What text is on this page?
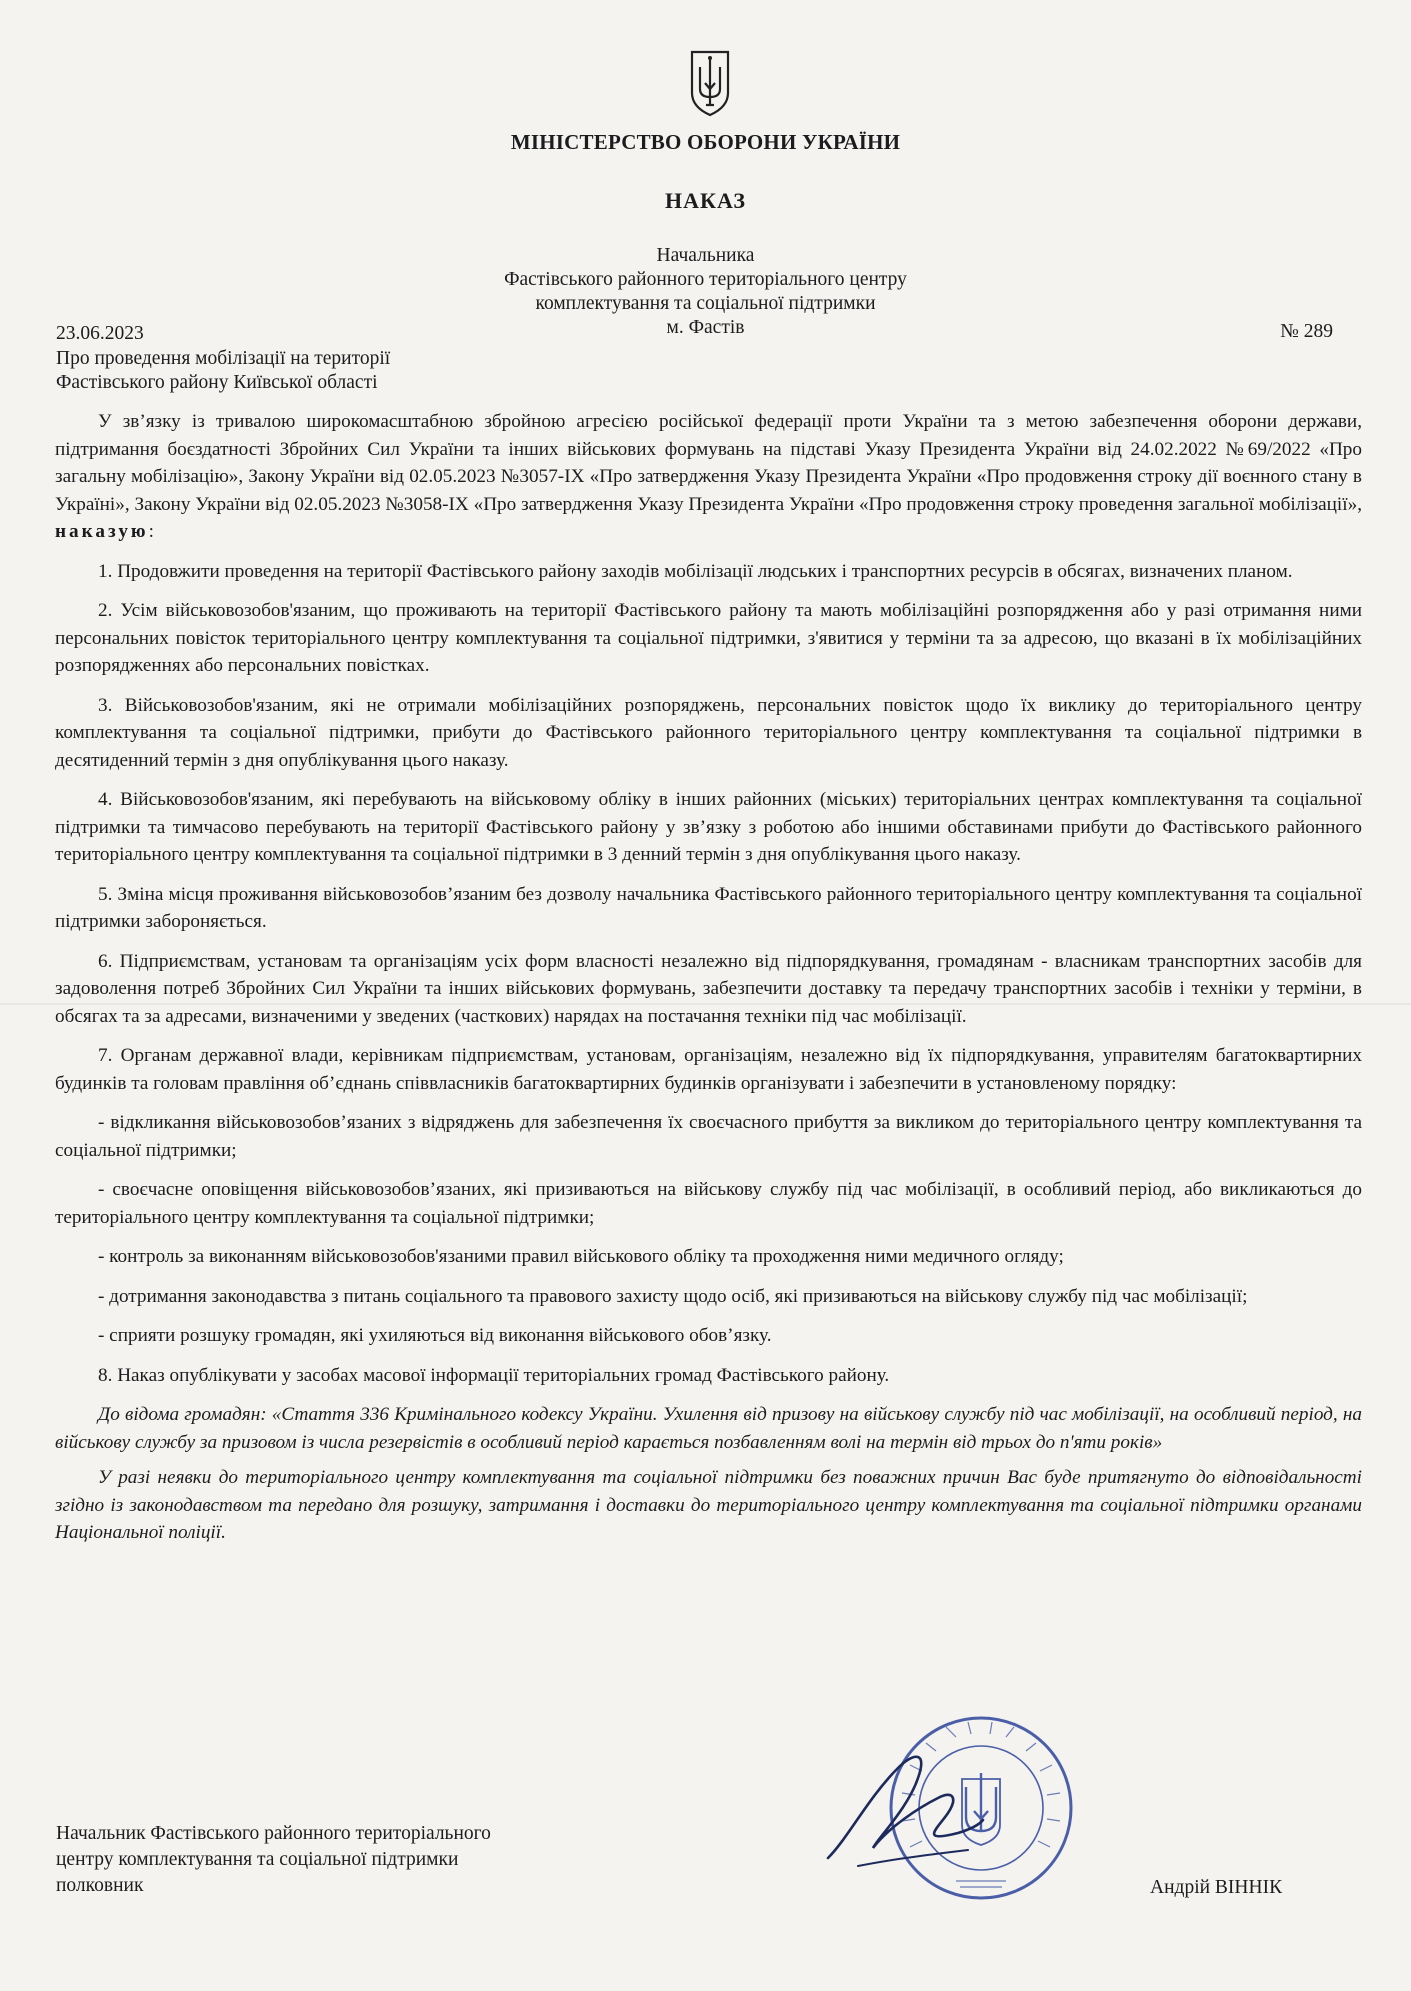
МІНІСТЕРСТВО ОБОРОНИ УКРАЇНИ
НАКАЗ
Начальника
Фастівського районного територіального центру
комплектування та соціальної підтримки
м. Фастів
23.06.2023	№ 289
Про проведення мобілізації на території
Фастівського району Київської області

У зв’язку із тривалою широкомасштабною збройною агресією російської федерації проти України та з метою забезпечення оборони держави, підтримання боєздатності Збройних Сил України та інших військових формувань на підставі Указу Президента України від 24.02.2022 №69/2022 «Про загальну мобілізацію», Закону України від 02.05.2023 №3057-IX «Про затвердження Указу Президента України «Про продовження строку дії воєнного стану в Україні», Закону України від 02.05.2023 №3058-IX «Про затвердження Указу Президента України «Про продовження строку проведення загальної мобілізації», наказую:

1. Продовжити проведення на території Фастівського району заходів мобілізації людських і транспортних ресурсів в обсягах, визначених планом.

2. Усім військовозобов'язаним, що проживають на території Фастівського району та мають мобілізаційні розпорядження або у разі отримання ними персональних повісток територіального центру комплектування та соціальної підтримки, з'явитися у терміни та за адресою, що вказані в їх мобілізаційних розпорядженнях або персональних повістках.

3. Військовозобов'язаним, які не отримали мобілізаційних розпоряджень, персональних повісток щодо їх виклику до територіального центру комплектування та соціальної підтримки, прибути до Фастівського районного територіального центру комплектування та соціальної підтримки в десятиденний термін з дня опублікування цього наказу.

4. Військовозобов'язаним, які перебувають на військовому обліку в інших районних (міських) територіальних центрах комплектування та соціальної підтримки та тимчасово перебувають на території Фастівського району у зв’язку з роботою або іншими обставинами прибути до Фастівського районного територіального центру комплектування та соціальної підтримки в 3 денний термін з дня опублікування цього наказу.

5. Зміна місця проживання військовозобов’язаним без дозволу начальника Фастівського районного територіального центру комплектування та соціальної підтримки забороняється.

6. Підприємствам, установам та організаціям усіх форм власності незалежно від підпорядкування, громадянам - власникам транспортних засобів для задоволення потреб Збройних Сил України та інших військових формувань, забезпечити доставку та передачу транспортних засобів і техніки у терміни, в обсягах та за адресами, визначеними у зведених (часткових) нарядах на постачання техніки під час мобілізації.

7. Органам державної влади, керівникам підприємствам, установам, організаціям, незалежно від їх підпорядкування, управителям багатоквартирних будинків та головам правління об’єднань співвласників багатоквартирних будинків організувати і забезпечити в установленому порядку:

- відкликання військовозобов’язаних з відряджень для забезпечення їх своєчасного прибуття за викликом до територіального центру комплектування та соціальної підтримки;

- своєчасне оповіщення військовозобов’язаних, які призиваються на військову службу під час мобілізації, в особливий період, або викликаються до територіального центру комплектування та соціальної підтримки;

- контроль за виконанням військовозобов'язаними правил військового обліку та проходження ними медичного огляду;

- дотримання законодавства з питань соціального та правового захисту щодо осіб, які призиваються на військову службу під час мобілізації;

- сприяти розшуку громадян, які ухиляються від виконання військового обов’язку.

8. Наказ опублікувати у засобах масової інформації територіальних громад Фастівського району.

До відома громадян: «Стаття 336 Кримінального кодексу України. Ухилення від призову на військову службу під час мобілізації, на особливий період, на військову службу за призовом із числа резервістів в особливий період карається позбавленням волі на термін від трьох до п'яти років»

У разі неявки до територіального центру комплектування та соціальної підтримки без поважних причин Вас буде притягнуто до відповідальності згідно із законодавством та передано для розшуку, затримання і доставки до територіального центру комплектування та соціальної підтримки органами Національної поліції.

Начальник Фастівського районного територіального
центру комплектування та соціальної підтримки
полковник	Андрій ВІННІК
